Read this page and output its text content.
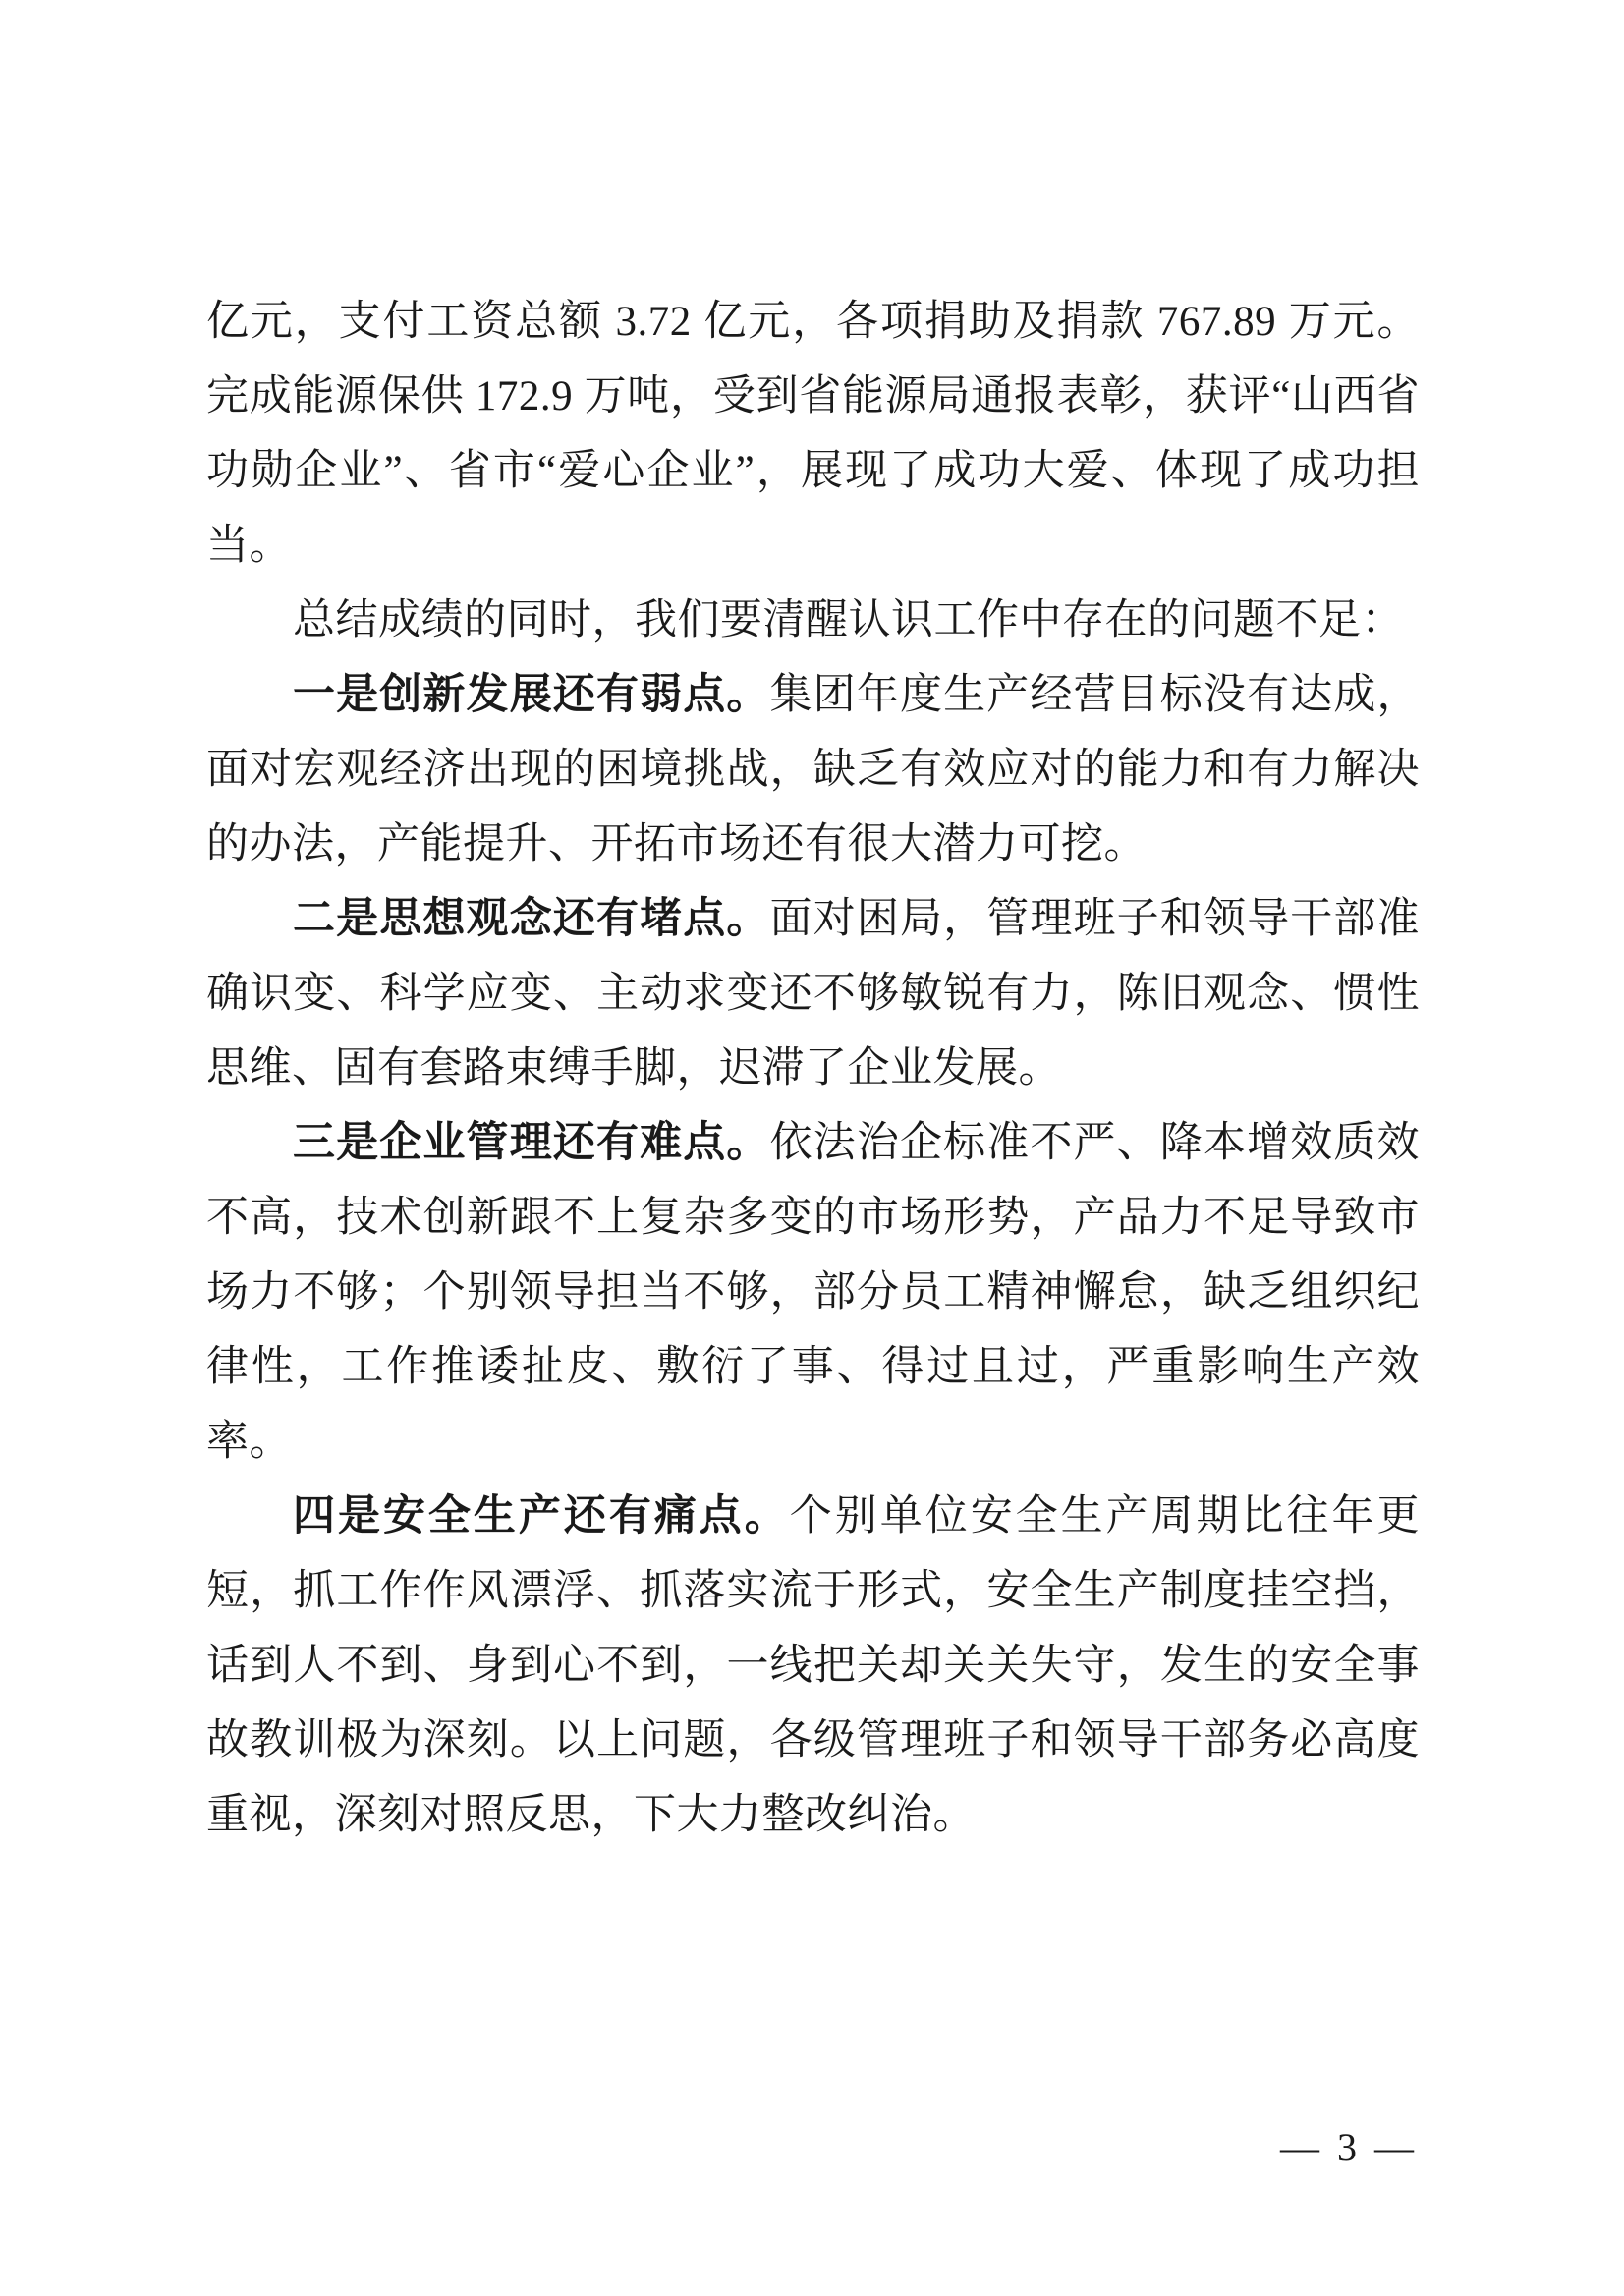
亿元，支付工资总额 3.72 亿元，各项捐助及捐款 767.89 万元。完成能源保供 172.9 万吨，受到省能源局通报表彰，获评“山西省功勋企业”、省市“爱心企业”，展现了成功大爱、体现了成功担当。

总结成绩的同时，我们要清醒认识工作中存在的问题不足：

一是创新发展还有弱点。集团年度生产经营目标没有达成，面对宏观经济出现的困境挑战，缺乏有效应对的能力和有力解决的办法，产能提升、开拓市场还有很大潜力可挖。

二是思想观念还有堵点。面对困局，管理班子和领导干部准确识变、科学应变、主动求变还不够敏锐有力，陈旧观念、惯性思维、固有套路束缚手脚，迟滞了企业发展。

三是企业管理还有难点。依法治企标准不严、降本增效质效不高，技术创新跟不上复杂多变的市场形势，产品力不足导致市场力不够；个别领导担当不够，部分员工精神懈怠，缺乏组织纪律性，工作推诿扯皮、敷衍了事、得过且过，严重影响生产效率。

四是安全生产还有痛点。个别单位安全生产周期比往年更短，抓工作作风漂浮、抓落实流于形式，安全生产制度挂空挡，话到人不到、身到心不到，一线把关却关关失守，发生的安全事故教训极为深刻。以上问题，各级管理班子和领导干部务必高度重视，深刻对照反思，下大力整改纠治。

— 3 —
